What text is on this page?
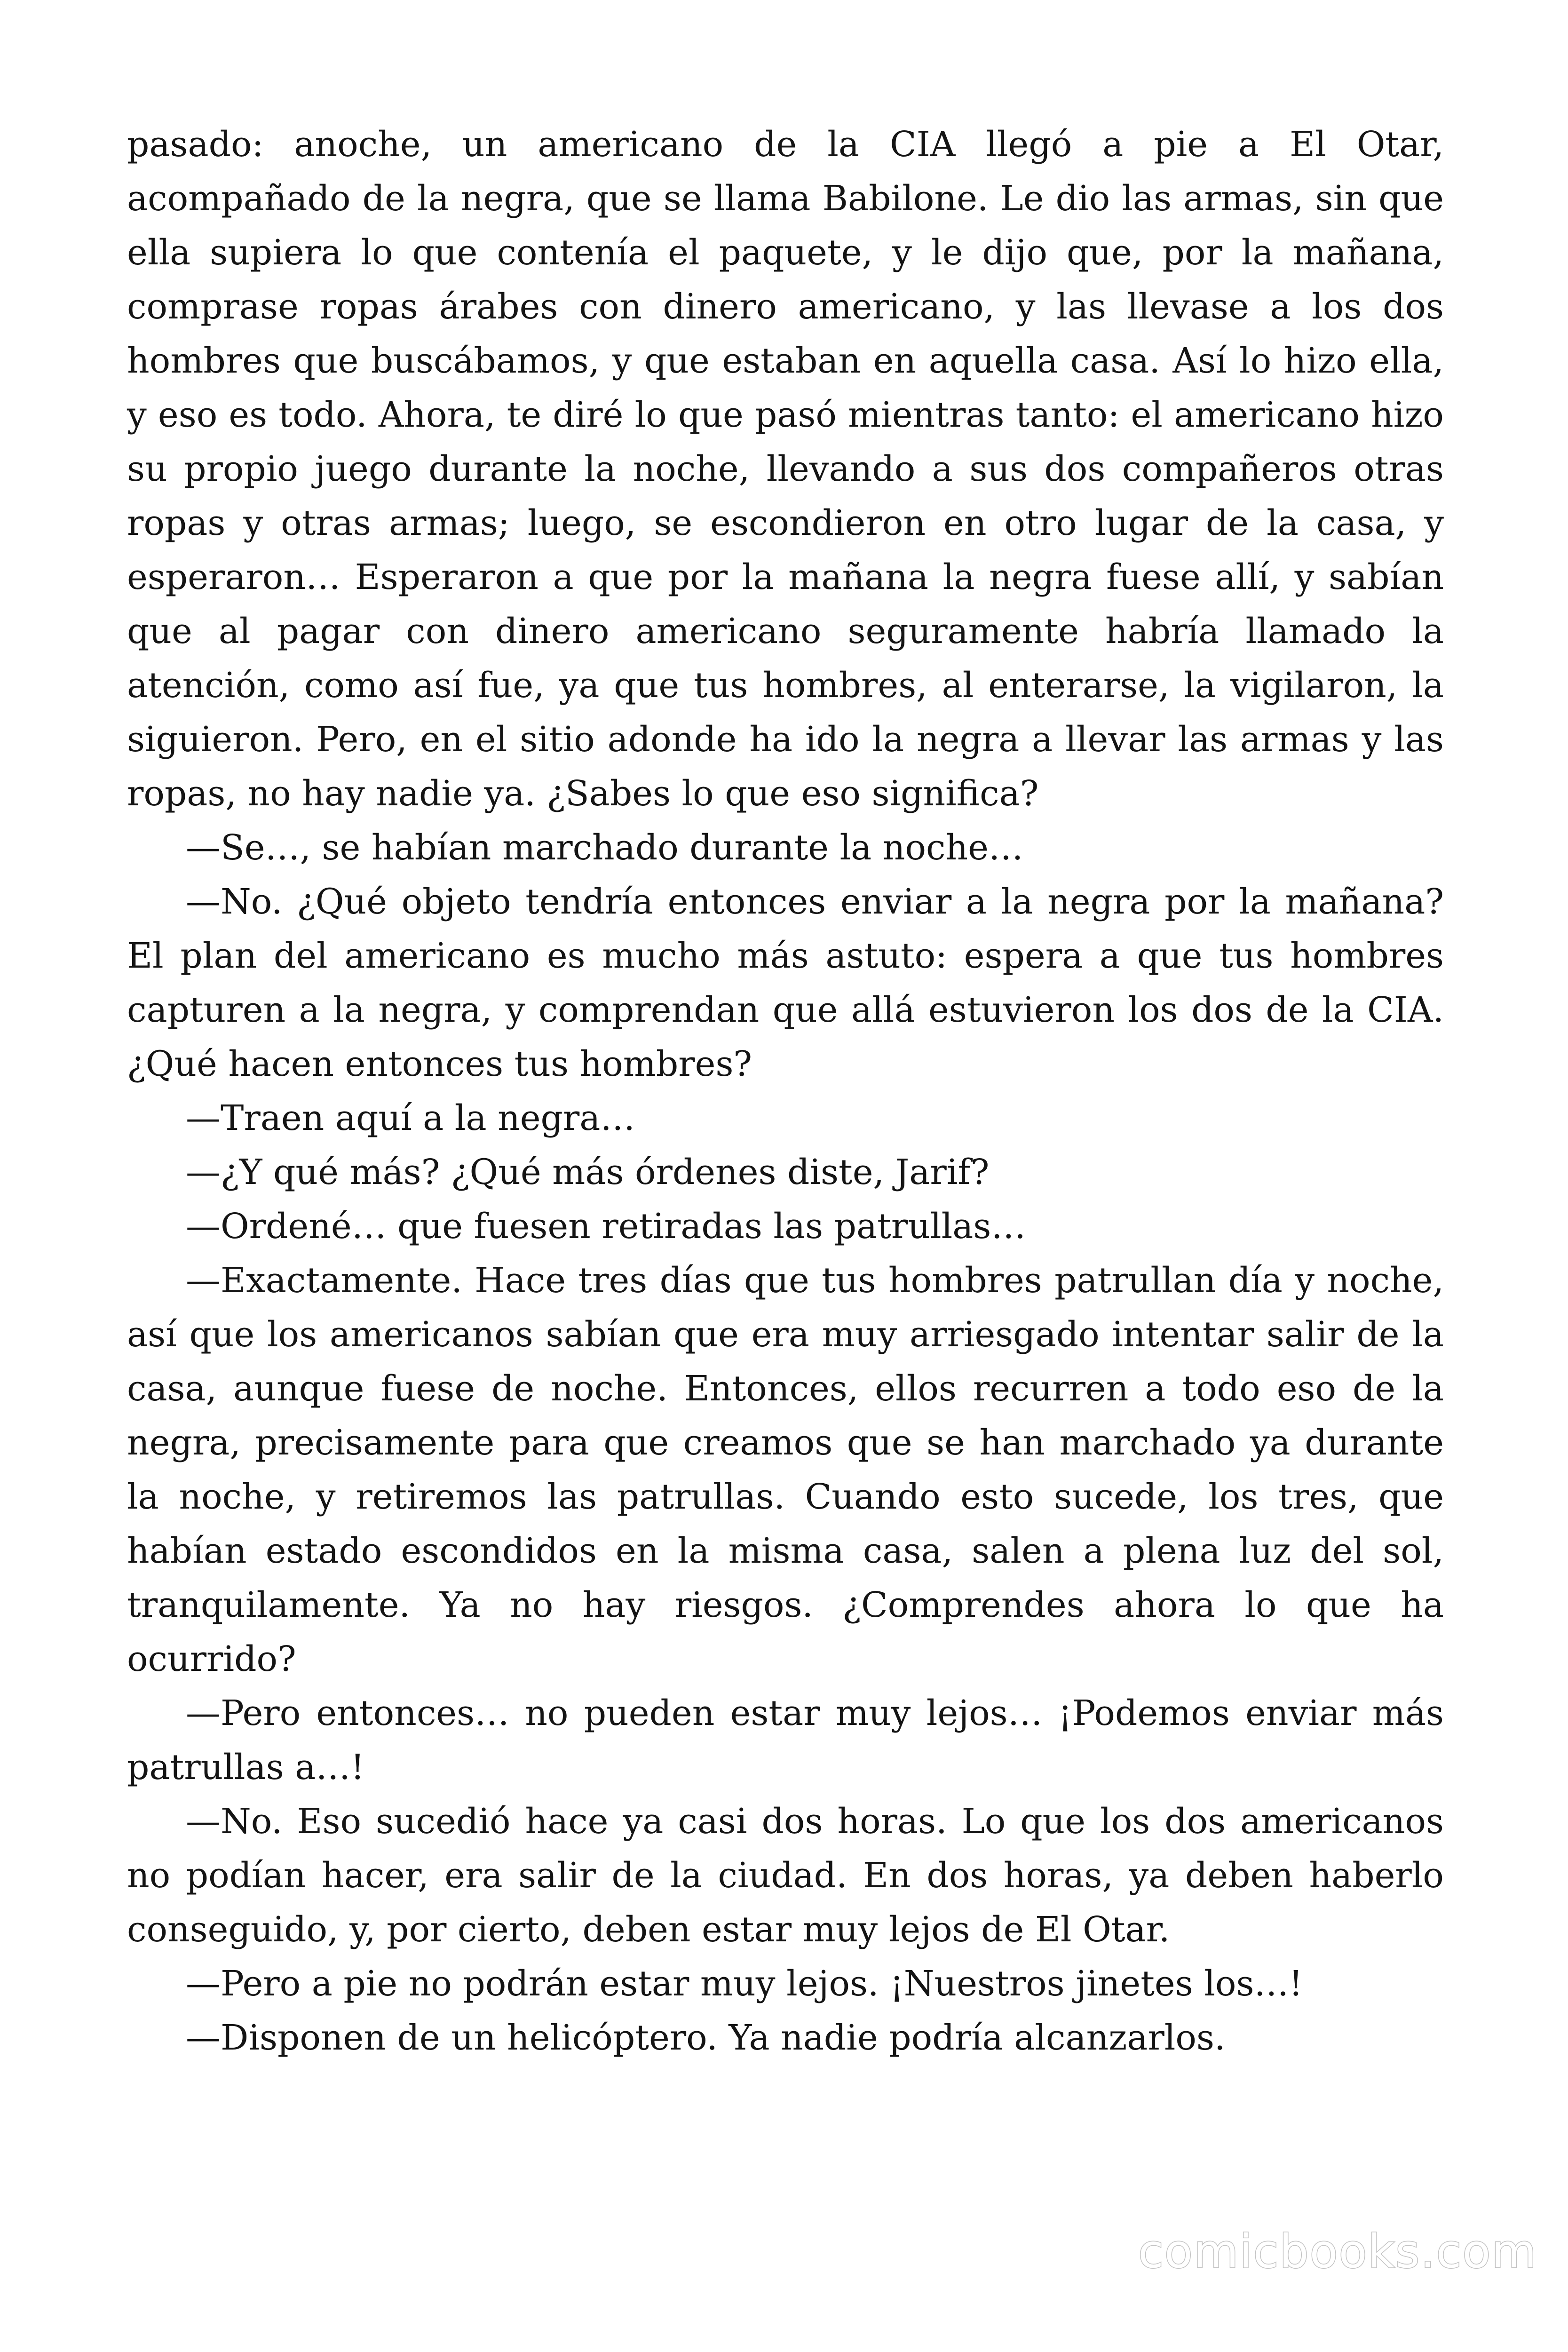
pasado: anoche, un americano de la CIA llegó a pie a El Otar, acompañado de la negra, que se llama Babilone. Le dio las armas, sin que ella supiera lo que contenía el paquete, y le dijo que, por la mañana, comprase ropas árabes con dinero americano, y las llevase a los dos hombres que buscábamos, y que estaban en aquella casa. Así lo hizo ella, y eso es todo. Ahora, te diré lo que pasó mientras tanto: el americano hizo su propio juego durante la noche, llevando a sus dos compañeros otras ropas y otras armas; luego, se escondieron en otro lugar de la casa, y esperaron… Esperaron a que por la mañana la negra fuese allí, y sabían que al pagar con dinero americano seguramente habría llamado la atención, como así fue, ya que tus hombres, al enterarse, la vigilaron, la siguieron. Pero, en el sitio adonde ha ido la negra a llevar las armas y las ropas, no hay nadie ya. ¿Sabes lo que eso significa?

—Se…, se habían marchado durante la noche…

—No. ¿Qué objeto tendría entonces enviar a la negra por la mañana? El plan del americano es mucho más astuto: espera a que tus hombres capturen a la negra, y comprendan que allá estuvieron los dos de la CIA. ¿Qué hacen entonces tus hombres?

—Traen aquí a la negra…

—¿Y qué más? ¿Qué más órdenes diste, Jarif?

—Ordené… que fuesen retiradas las patrullas…

—Exactamente. Hace tres días que tus hombres patrullan día y noche, así que los americanos sabían que era muy arriesgado intentar salir de la casa, aunque fuese de noche. Entonces, ellos recurren a todo eso de la negra, precisamente para que creamos que se han marchado ya durante la noche, y retiremos las patrullas. Cuando esto sucede, los tres, que habían estado escondidos en la misma casa, salen a plena luz del sol, tranquilamente. Ya no hay riesgos. ¿Comprendes ahora lo que ha ocurrido?

—Pero entonces… no pueden estar muy lejos… ¡Podemos enviar más patrullas a…!

—No. Eso sucedió hace ya casi dos horas. Lo que los dos americanos no podían hacer, era salir de la ciudad. En dos horas, ya deben haberlo conseguido, y, por cierto, deben estar muy lejos de El Otar.

—Pero a pie no podrán estar muy lejos. ¡Nuestros jinetes los…!

—Disponen de un helicóptero. Ya nadie podría alcanzarlos.

comicbooks.com
